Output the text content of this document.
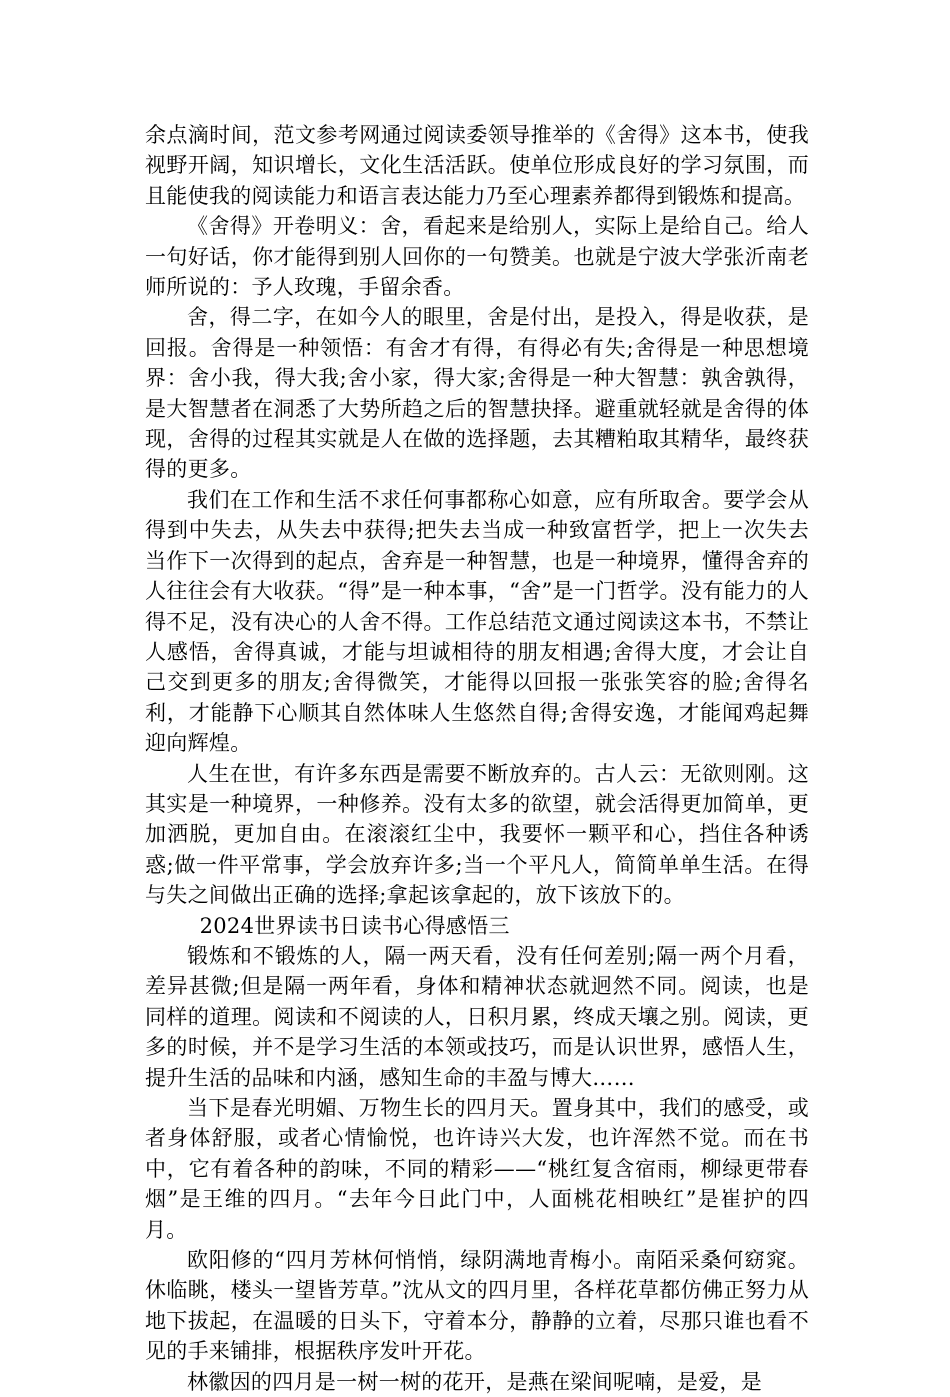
余点滴时间，范文参考网通过阅读委领导推举的《舍得》这本书，使我视野开阔，知识增长，文化生活活跃。使单位形成良好的学习氛围，而且能使我的阅读能力和语言表达能力乃至心理素养都得到锻炼和提高。

《舍得》开卷明义：舍，看起来是给别人，实际上是给自己。给人一句好话，你才能得到别人回你的一句赞美。也就是宁波大学张沂南老师所说的：予人玫瑰，手留余香。

舍，得二字，在如今人的眼里，舍是付出，是投入，得是收获，是回报。舍得是一种领悟：有舍才有得，有得必有失;舍得是一种思想境界：舍小我，得大我;舍小家，得大家;舍得是一种大智慧：孰舍孰得，是大智慧者在洞悉了大势所趋之后的智慧抉择。避重就轻就是舍得的体现，舍得的过程其实就是人在做的选择题，去其糟粕取其精华，最终获得的更多。

我们在工作和生活不求任何事都称心如意，应有所取舍。要学会从得到中失去，从失去中获得;把失去当成一种致富哲学，把上一次失去当作下一次得到的起点，舍弃是一种智慧，也是一种境界，懂得舍弃的人往往会有大收获。“得”是一种本事，“舍”是一门哲学。没有能力的人得不足，没有决心的人舍不得。工作总结范文通过阅读这本书，不禁让人感悟，舍得真诚，才能与坦诚相待的朋友相遇;舍得大度，才会让自己交到更多的朋友;舍得微笑，才能得以回报一张张笑容的脸;舍得名利，才能静下心顺其自然体味人生悠然自得;舍得安逸，才能闻鸡起舞迎向辉煌。

人生在世，有许多东西是需要不断放弃的。古人云：无欲则刚。这其实是一种境界，一种修养。没有太多的欲望，就会活得更加简单，更加洒脱，更加自由。在滚滚红尘中，我要怀一颗平和心，挡住各种诱惑;做一件平常事，学会放弃许多;当一个平凡人，简简单单生活。在得与失之间做出正确的选择;拿起该拿起的，放下该放下的。

2024世界读书日读书心得感悟三

锻炼和不锻炼的人，隔一两天看，没有任何差别;隔一两个月看，差异甚微;但是隔一两年看，身体和精神状态就迥然不同。阅读，也是同样的道理。阅读和不阅读的人，日积月累，终成天壤之别。阅读，更多的时候，并不是学习生活的本领或技巧，而是认识世界，感悟人生，提升生活的品味和内涵，感知生命的丰盈与博大……

当下是春光明媚、万物生长的四月天。置身其中，我们的感受，或者身体舒服，或者心情愉悦，也许诗兴大发，也许浑然不觉。而在书中，它有着各种的韵味，不同的精彩——“桃红复含宿雨，柳绿更带春烟”是王维的四月。“去年今日此门中，人面桃花相映红”是崔护的四月。

欧阳修的“四月芳林何悄悄，绿阴满地青梅小。南陌采桑何窈窕。休临眺，楼头一望皆芳草。”沈从文的四月里，各样花草都仿佛正努力从地下拔起，在温暖的日头下，守着本分，静静的立着，尽那只谁也看不见的手来铺排，根据秩序发叶开花。

林徽因的四月是一树一树的花开，是燕在梁间呢喃，是爱，是
